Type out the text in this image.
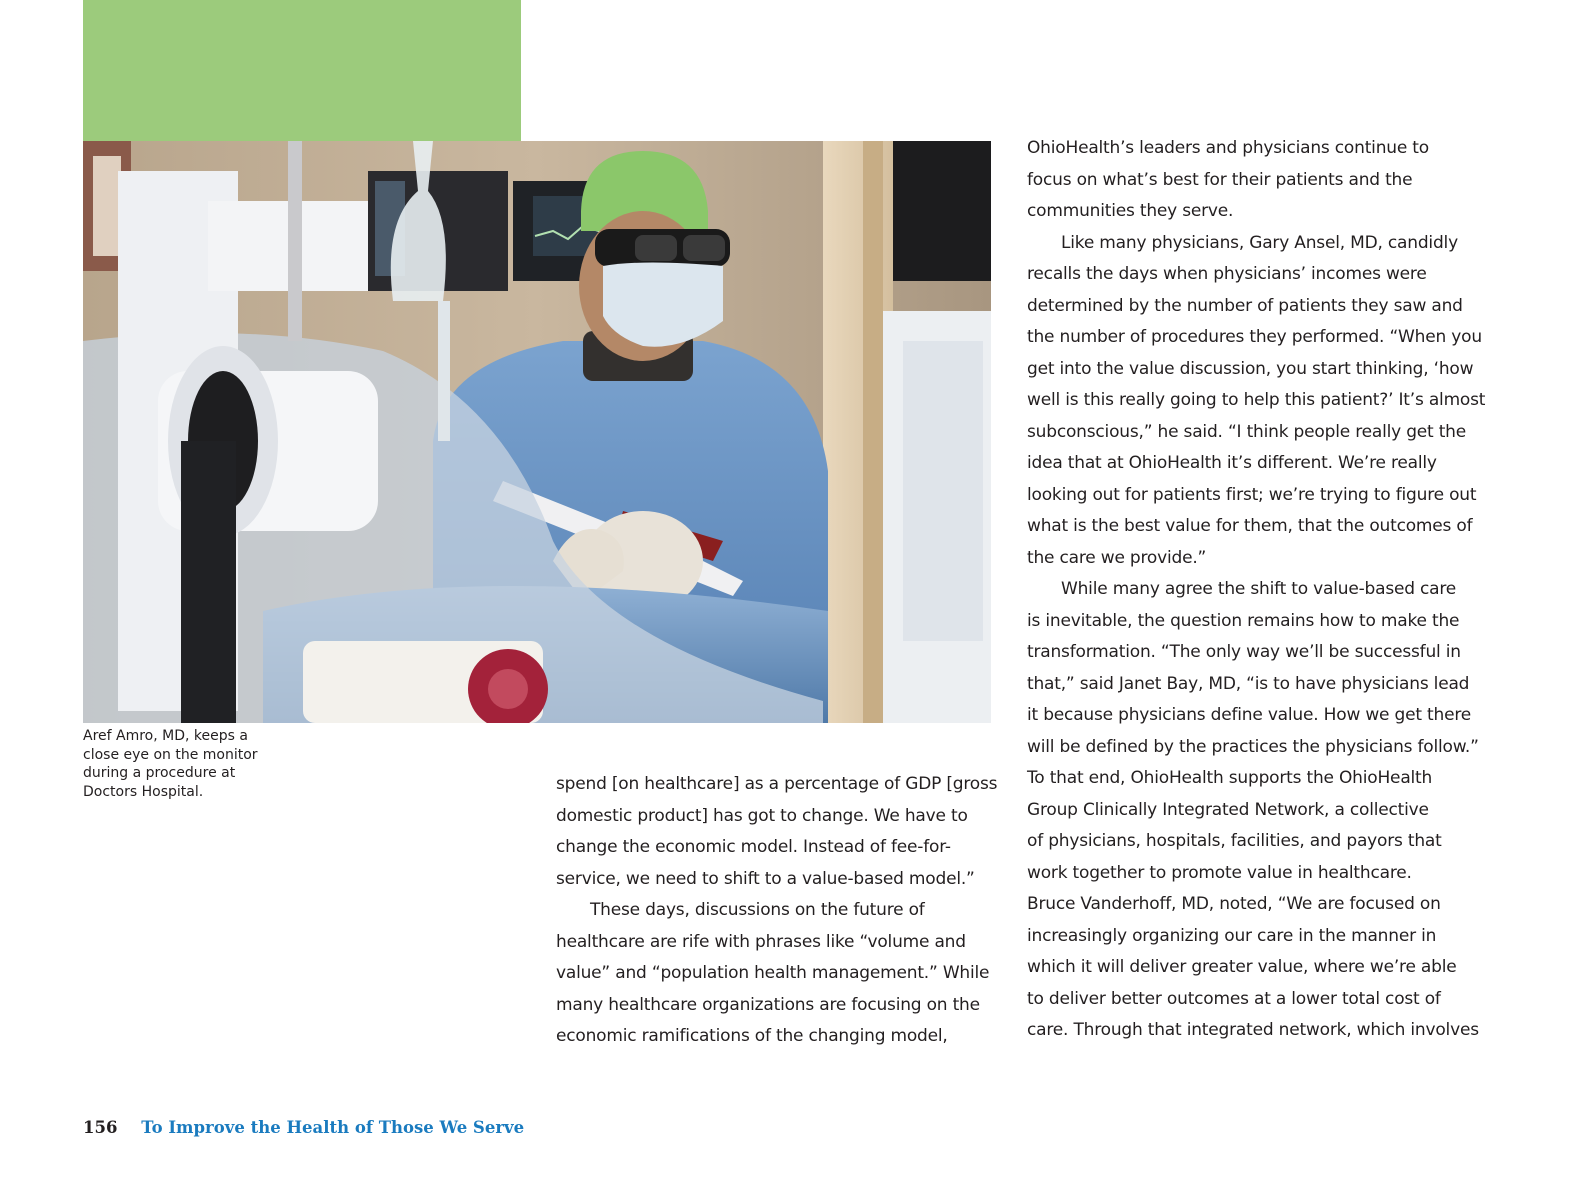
Aref Amro, MD, keeps a close eye on the monitor during a procedure at Doctors Hospital.	spend [on healthcare] as a percentage of GDP [gross
domestic product] has got to change. We have to
change the economic model. Instead of fee-for-
service, we need to shift to a value-based model.”
These days, discussions on the future of
healthcare are rife with phrases like “volume and
value” and “population health management.” While
many healthcare organizations are focusing on the
economic ramifications of the changing model,
OhioHealth’s leaders and physicians continue to
focus on what’s best for their patients and the
communities they serve.
Like many physicians, Gary Ansel, MD, candidly
recalls the days when physicians’ incomes were
determined by the number of patients they saw and
the number of procedures they performed. “When you
get into the value discussion, you start thinking, ‘how
well is this really going to help this patient?’ It’s almost
subconscious,” he said. “I think people really get the
idea that at OhioHealth it’s different. We’re really
looking out for patients first; we’re trying to figure out
what is the best value for them, that the outcomes of
the care we provide.”
While many agree the shift to value-based care
is inevitable, the question remains how to make the
transformation. “The only way we’ll be successful in
that,” said Janet Bay, MD, “is to have physicians lead
it because physicians define value. How we get there
will be defined by the practices the physicians follow.”
To that end, OhioHealth supports the OhioHealth
Group Clinically Integrated Network, a collective
of physicians, hospitals, facilities, and payors that
work together to promote value in healthcare.
Bruce Vanderhoff, MD, noted, “We are focused on
increasingly organizing our care in the manner in
which it will deliver greater value, where we’re able
to deliver better outcomes at a lower total cost of
care. Through that integrated network, which involves
156 To Improve the Health of Those We Serve
